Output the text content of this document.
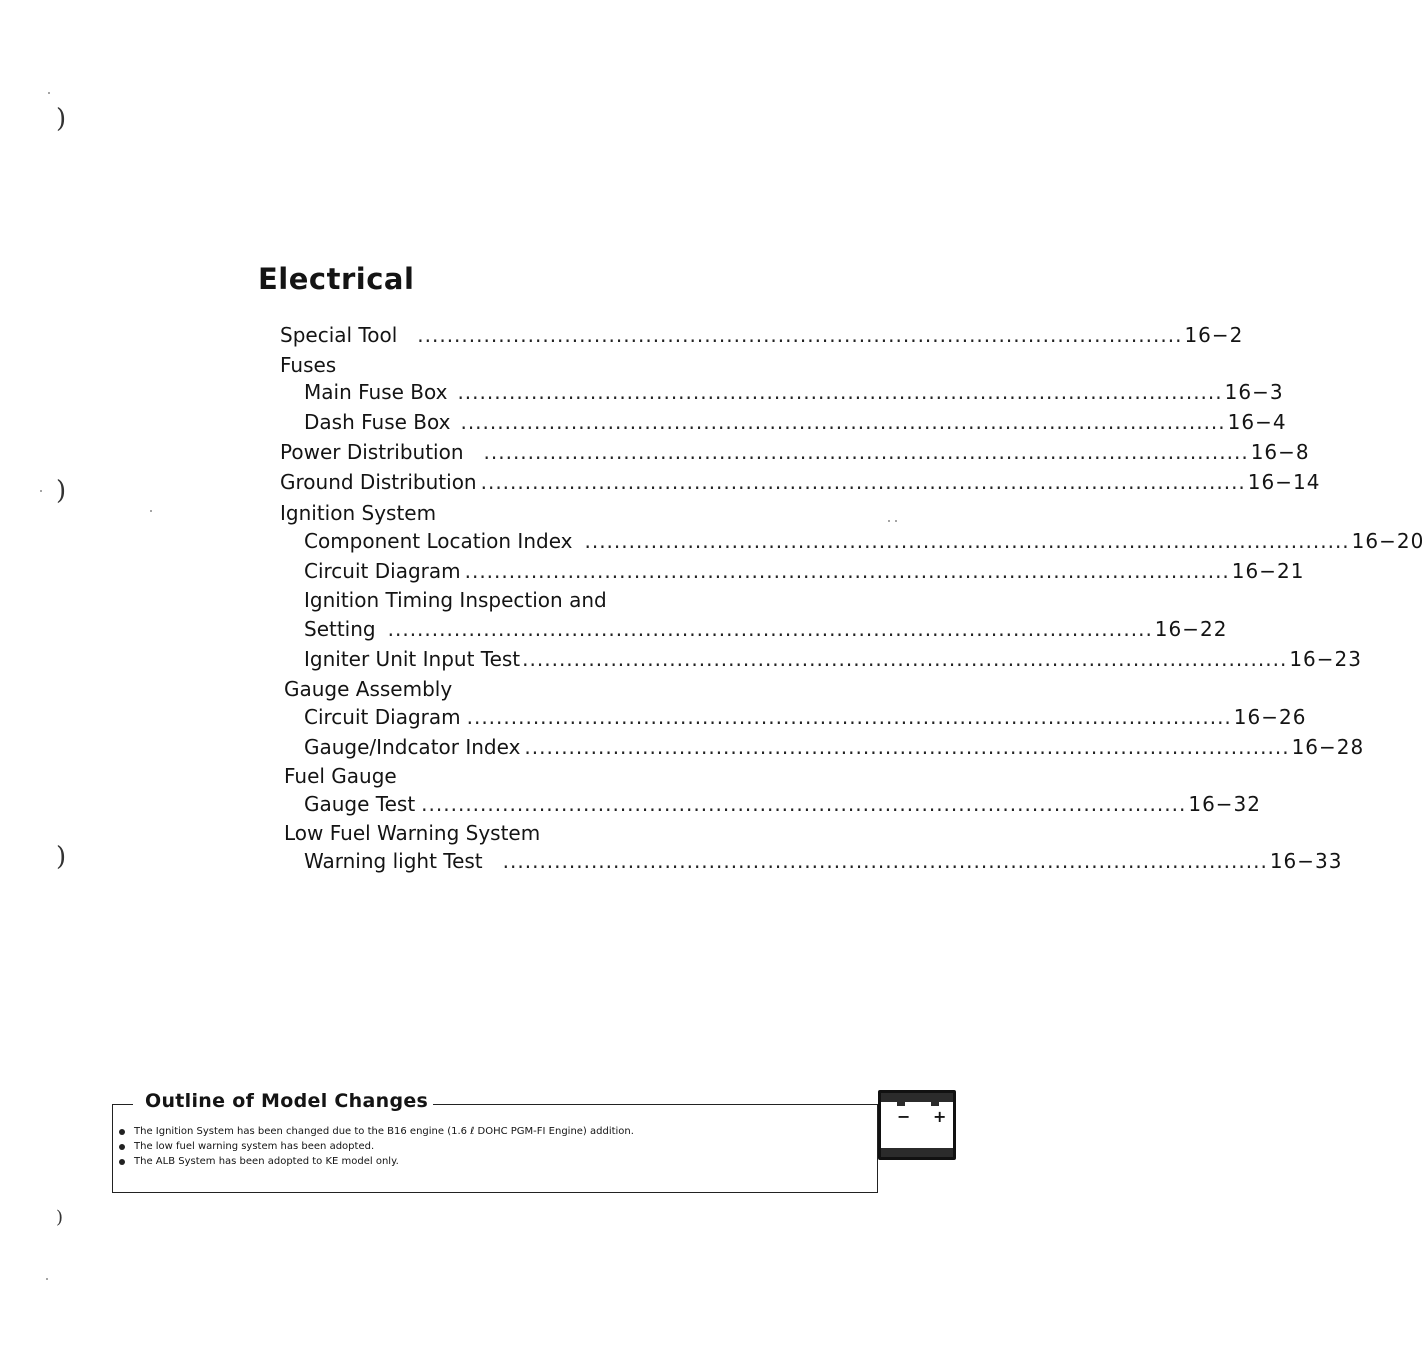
)
)
)
)
Electrical
Special Tool ........................................................................................................ 16−2
Fuses
Main Fuse Box ........................................................................................................ 16−3
Dash Fuse Box ........................................................................................................ 16−4
Power Distribution ........................................................................................................ 16−8
Ground Distribution ........................................................................................................ 16−14
Ignition System
Component Location Index ........................................................................................................ 16−20
Circuit Diagram ........................................................................................................ 16−21
Ignition Timing Inspection and
Setting ........................................................................................................ 16−22
Igniter Unit Input Test ........................................................................................................ 16−23
Gauge Assembly
Circuit Diagram ........................................................................................................ 16−26
Gauge/Indcator Index ........................................................................................................ 16−28
Fuel Gauge
Gauge Test ........................................................................................................ 16−32
Low Fuel Warning System
Warning light Test ........................................................................................................ 16−33
Outline of Model Changes
The Ignition System has been changed due to the B16 engine (1.6 ℓ DOHC PGM-FI Engine) addition.
The low fuel warning system has been adopted.
The ALB System has been adopted to KE model only.
− +
